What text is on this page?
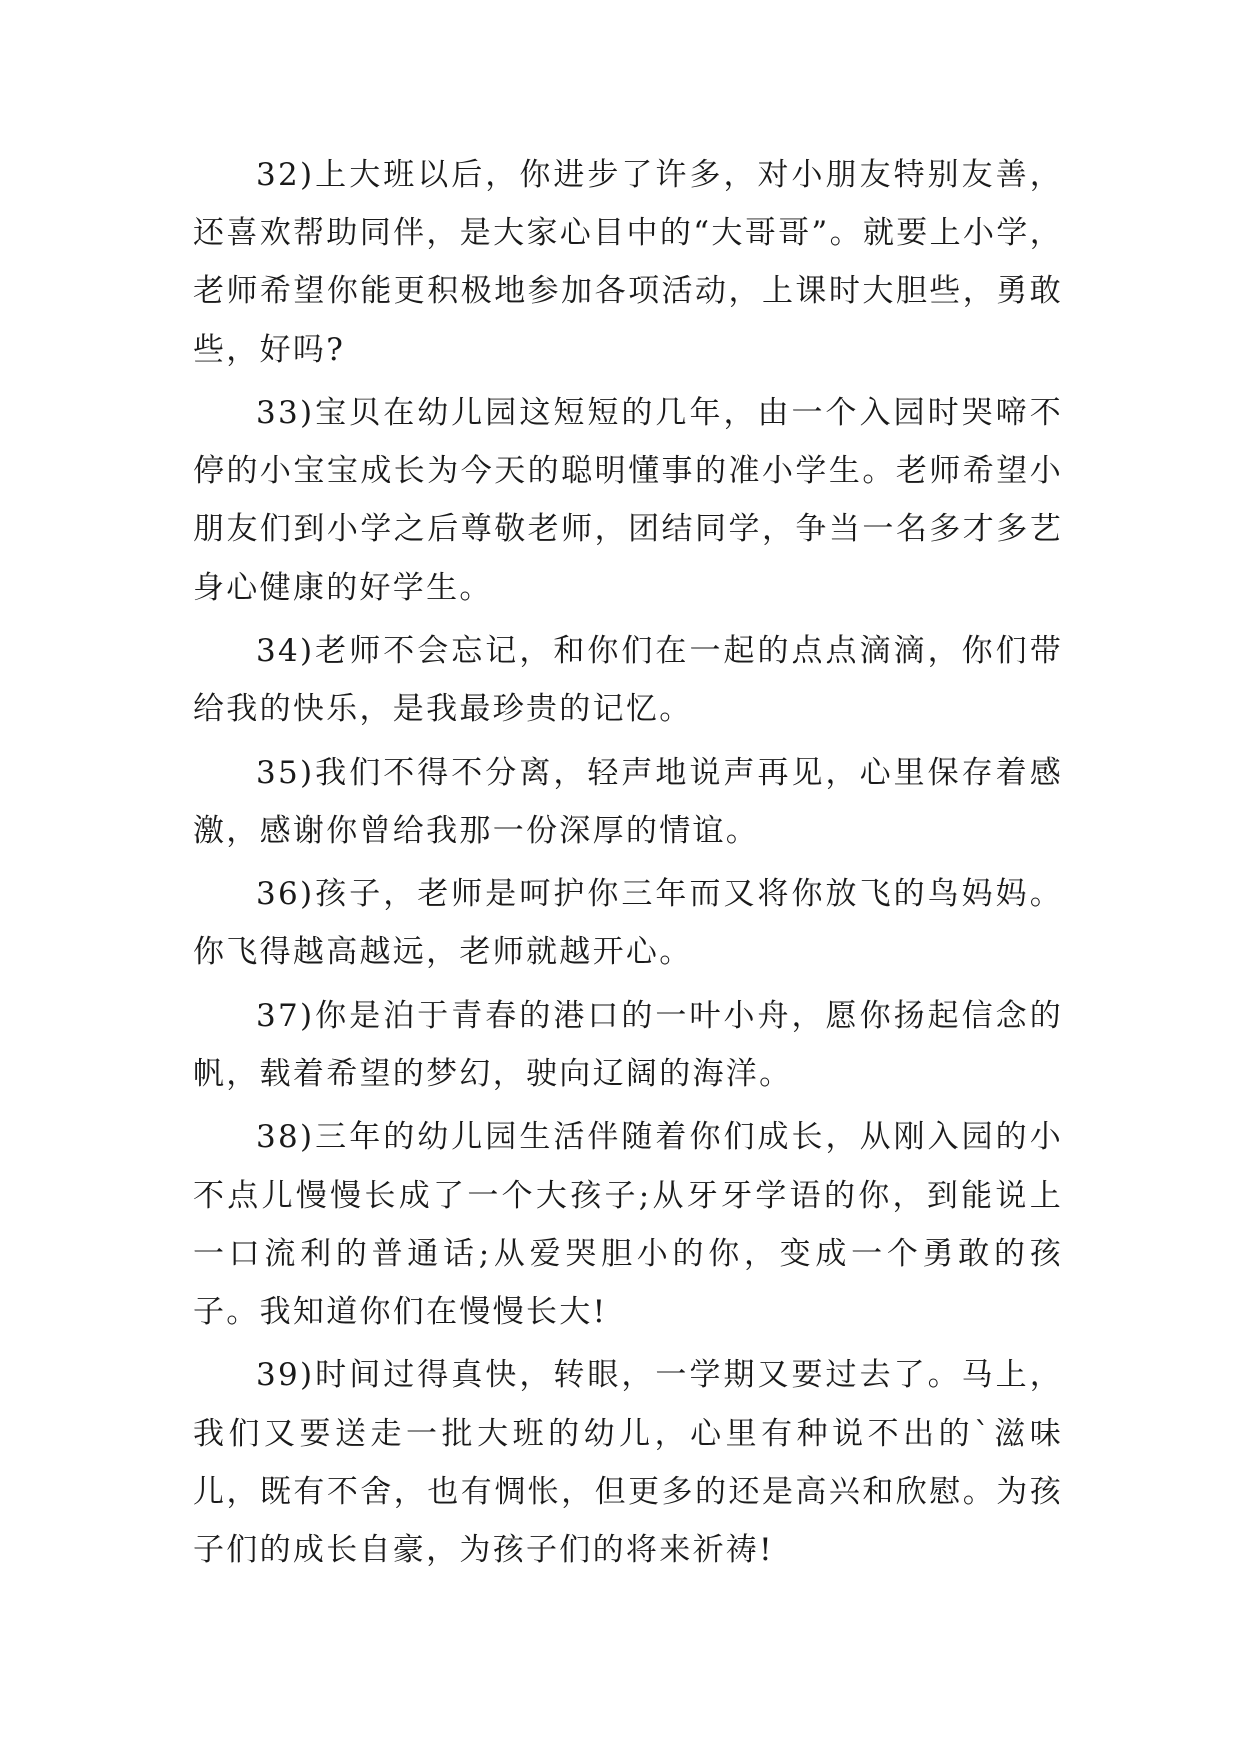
32)上大班以后，你进步了许多，对小朋友特别友善，还喜欢帮助同伴，是大家心目中的“大哥哥”。就要上小学，老师希望你能更积极地参加各项活动，上课时大胆些，勇敢些，好吗?

33)宝贝在幼儿园这短短的几年，由一个入园时哭啼不停的小宝宝成长为今天的聪明懂事的准小学生。老师希望小朋友们到小学之后尊敬老师，团结同学，争当一名多才多艺身心健康的好学生。

34)老师不会忘记，和你们在一起的点点滴滴，你们带给我的快乐，是我最珍贵的记忆。

35)我们不得不分离，轻声地说声再见，心里保存着感激，感谢你曾给我那一份深厚的情谊。

36)孩子，老师是呵护你三年而又将你放飞的鸟妈妈。你飞得越高越远，老师就越开心。

37)你是泊于青春的港口的一叶小舟，愿你扬起信念的帆，载着希望的梦幻，驶向辽阔的海洋。

38)三年的幼儿园生活伴随着你们成长，从刚入园的小不点儿慢慢长成了一个大孩子;从牙牙学语的你，到能说上一口流利的普通话;从爱哭胆小的你，变成一个勇敢的孩子。我知道你们在慢慢长大!

39)时间过得真快，转眼，一学期又要过去了。马上，我们又要送走一批大班的幼儿，心里有种说不出的`滋味儿，既有不舍，也有惆怅，但更多的还是高兴和欣慰。为孩子们的成长自豪，为孩子们的将来祈祷!
